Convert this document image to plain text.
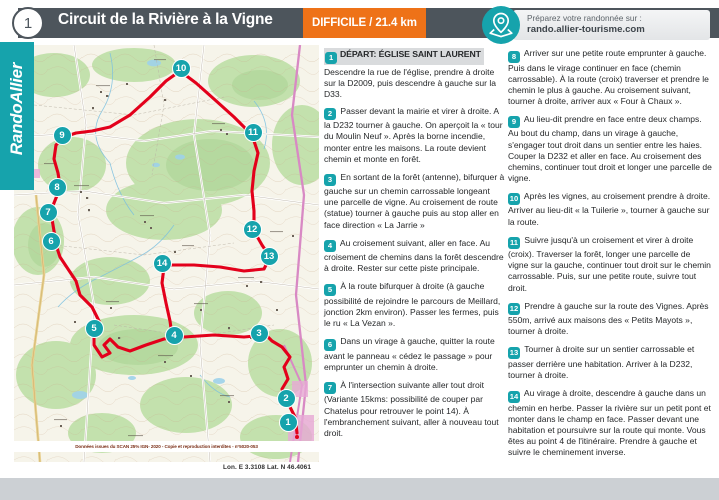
1	Circuit de la Rivière à la Vigne	DIFFICILE / 21.4 km	Préparez votre randonnée sur :
rando.allier-tourisme.com
RandoAllier
Données issues du SCAN 25% IGN- 2020 - Copie et reproduction interdites - n°5020-053
1
2
3
4
5
6
7
8
9
10
11
12
13
14
Lon. E 3.3108 Lat. N 46.4061
1 DÉPART: ÉGLISE SAINT LAURENT
Descendre la rue de l'église, prendre à droite sur la D2009, puis descendre à gauche sur la D33.
2 Passer devant la mairie et virer à droite. A la D232 tourner à gauche. On aperçoit la « tour du Moulin Neuf ». Après la borne incendie, monter entre les maisons. La route devient chemin et monte en forêt.
3 En sortant de la forêt (antenne), bifurquer à gauche sur un chemin carrossable longeant une parcelle de vigne. Au croisement de route (statue) tourner à gauche puis au stop aller en face direction « La Jarrie »
4 Au croisement suivant, aller en face. Au croisement de chemins dans la forêt descendre à droite. Rester sur cette piste principale.
5 À la route bifurquer à droite (à gauche possibilité de rejoindre le parcours de Meillard, jonction 2km environ). Passer les fermes, puis le ru « La Vezan ».
6 Dans un virage à gauche, quitter la route avant le panneau « cédez le passage » pour emprunter un chemin à droite.
7 À l'intersection suivante aller tout droit (Variante 15kms: possibilité de couper par Chatelus pour retrouver le point 14). À l'embranchement suivant, aller à nouveau tout droit.
8 Arriver sur une petite route emprunter à gauche. Puis dans le virage continuer en face (chemin carrossable). À la route (croix) traverser et prendre le chemin le plus à gauche. Au croisement suivant, tourner à droite, arriver aux « Four à Chaux ».
9 Au lieu-dit prendre en face entre deux champs. Au bout du champ, dans un virage à gauche, s'engager tout droit dans un sentier entre les haies. Couper la D232 et aller en face. Au croisement des chemins, continuer tout droit et longer une parcelle de vigne.
10 Après les vignes, au croisement prendre à droite. Arriver au lieu-dit « la Tuilerie », tourner à gauche sur la route.
11 Suivre jusqu'à un croisement et virer à droite (croix). Traverser la forêt, longer une parcelle de vigne sur la gauche, continuer tout droit sur le chemin carrossable. Puis, sur une petite route, suivre tout droit.
12 Prendre à gauche sur la route des Vignes. Après 550m, arrivé aux maisons des « Petits Mayots », tourner à droite.
13 Tourner à droite sur un sentier carrossable et passer derrière une habitation. Arriver à la D232, tourner à droite.
14 Au virage à droite, descendre à gauche dans un chemin en herbe. Passer la rivière sur un petit pont et monter dans le champ en face. Passer devant une habitation et poursuivre sur la route qui monte. Vous êtes au point 4 de l'itinéraire. Prendre à gauche et suivre le cheminement inverse.
